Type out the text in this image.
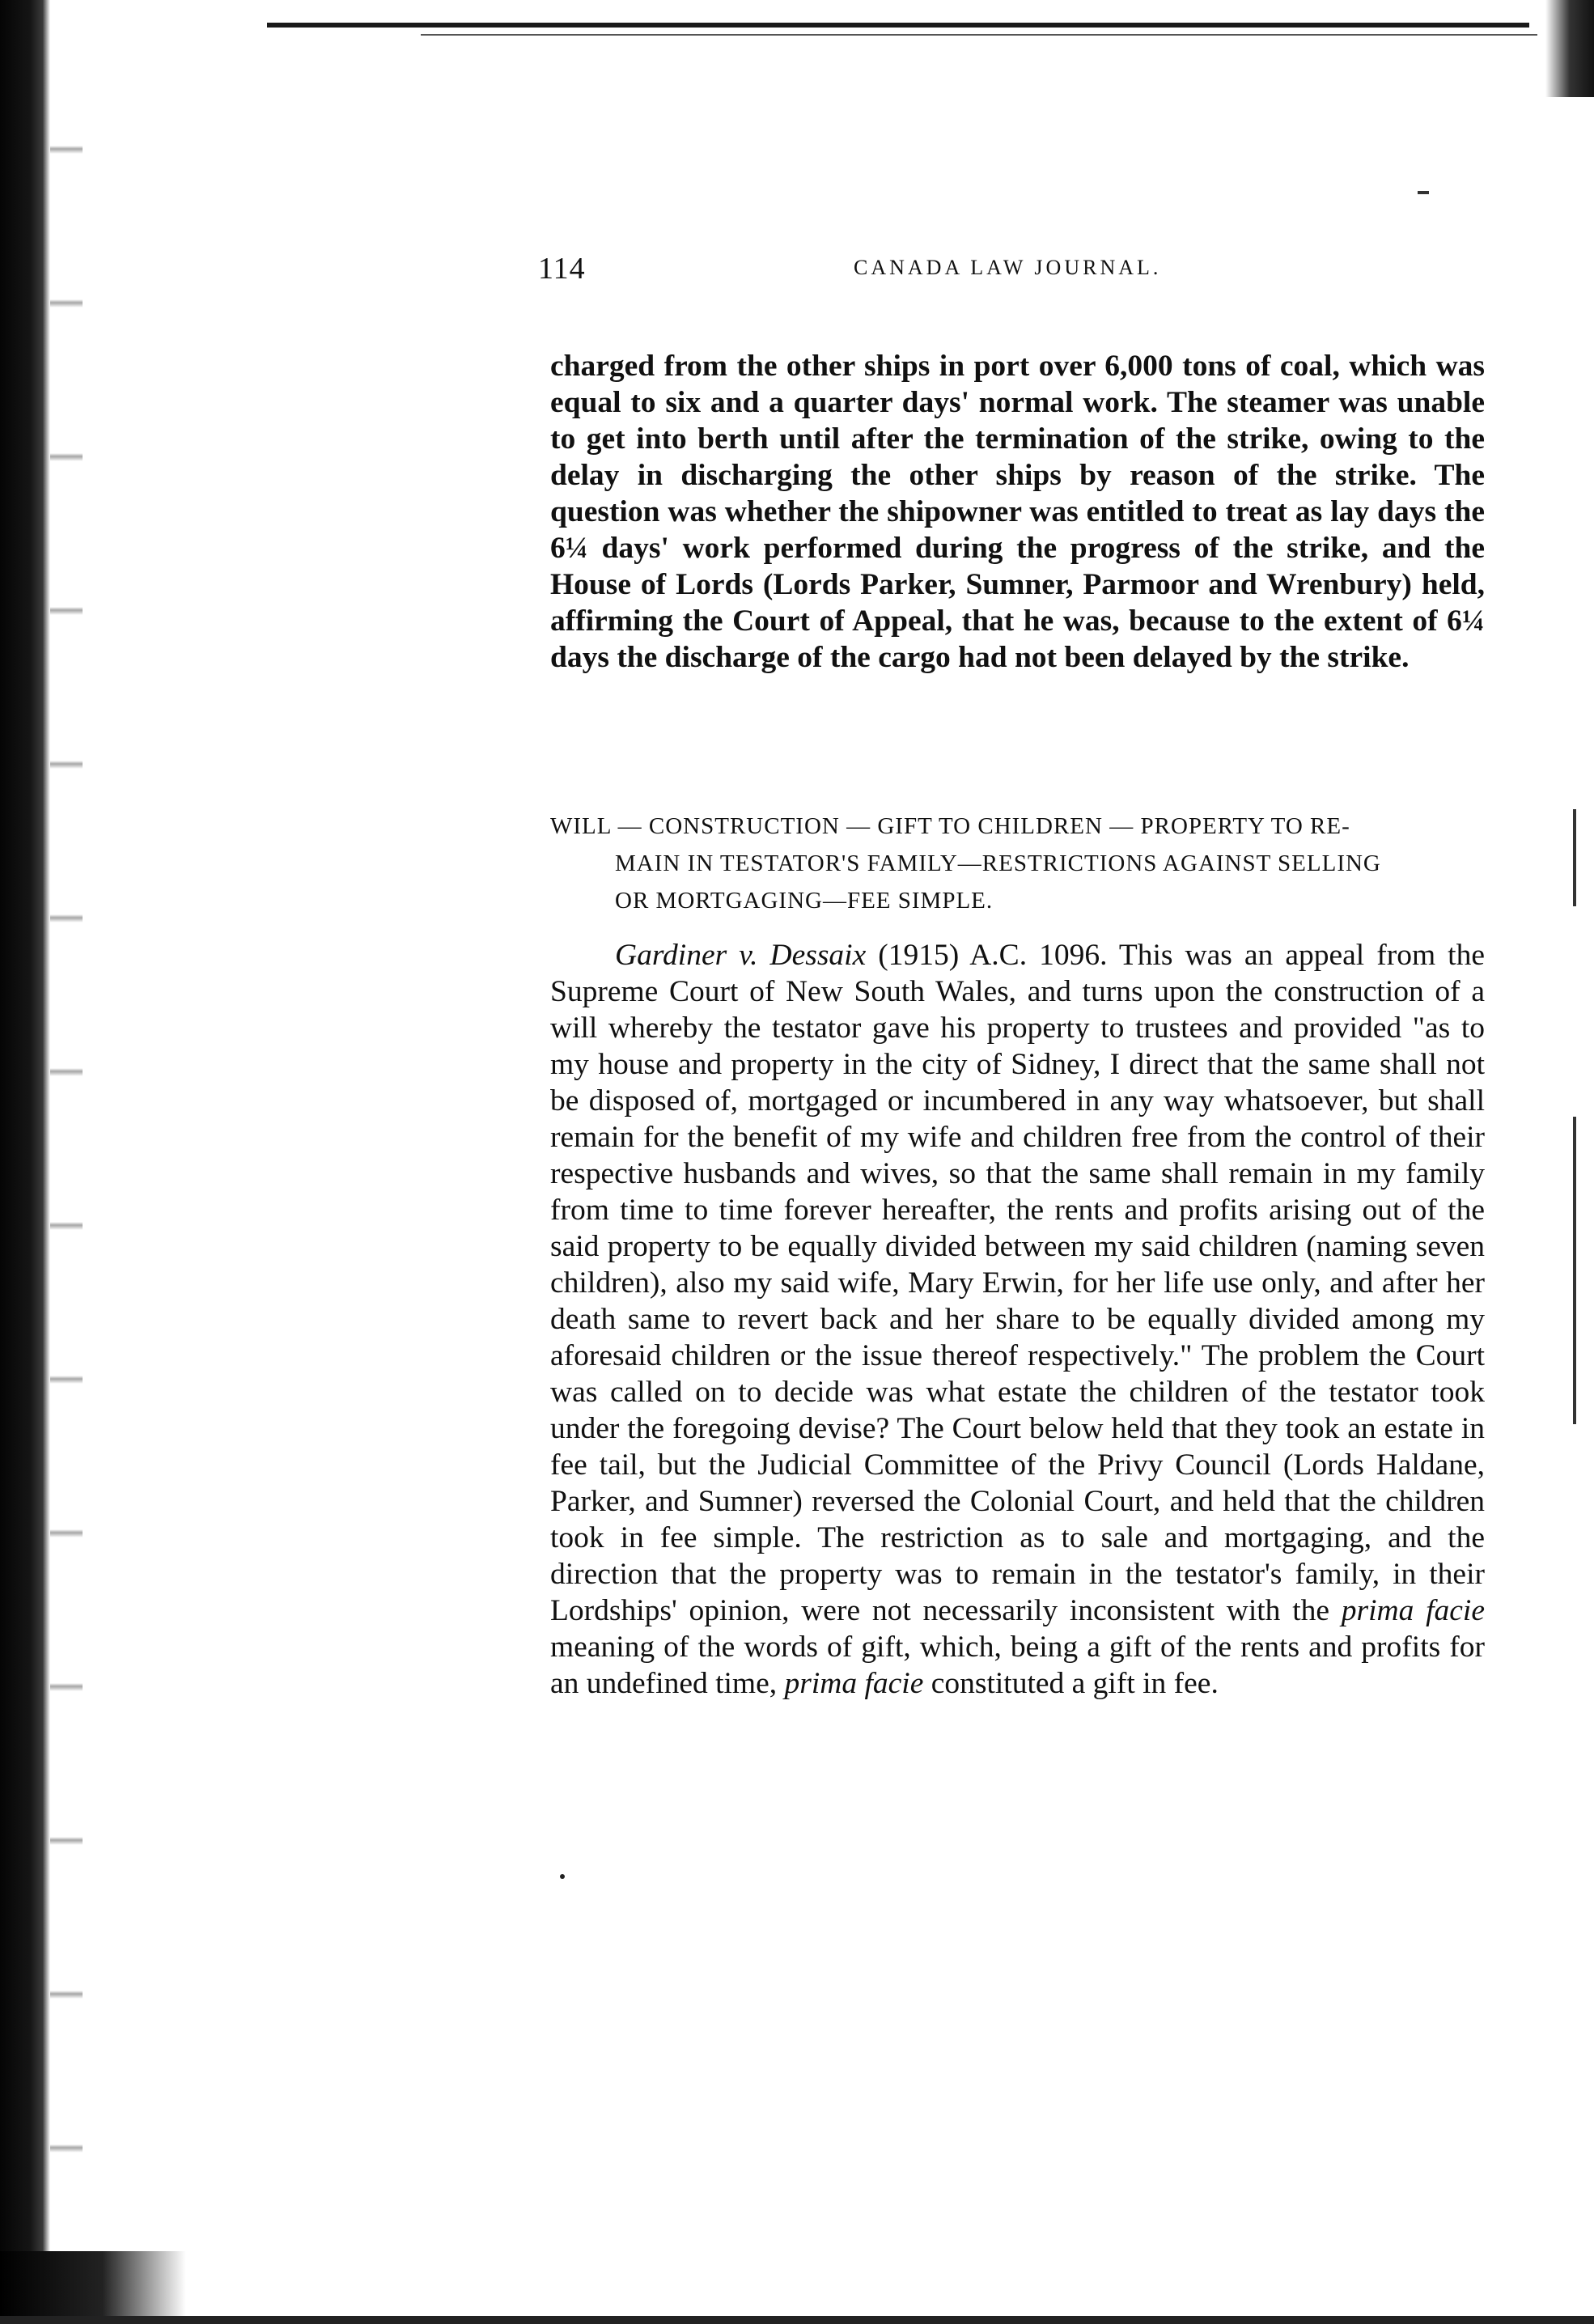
114	CANADA LAW JOURNAL.

charged from the other ships in port over 6,000 tons of coal, which was equal to six and a quarter days' normal work. The steamer was unable to get into berth until after the termination of the strike, owing to the delay in discharging the other ships by reason of the strike. The question was whether the shipowner was entitled to treat as lay days the 6¼ days' work performed during the progress of the strike, and the House of Lords (Lords Parker, Sumner, Parmoor and Wrenbury) held, affirming the Court of Appeal, that he was, because to the extent of 6¼ days the discharge of the cargo had not been delayed by the strike.

WILL — CONSTRUCTION — GIFT TO CHILDREN — PROPERTY TO RE-
MAIN IN TESTATOR'S FAMILY—RESTRICTIONS AGAINST SELLING
OR MORTGAGING—FEE SIMPLE.

Gardiner v. Dessaix (1915) A.C. 1096. This was an appeal from the Supreme Court of New South Wales, and turns upon the construction of a will whereby the testator gave his property to trustees and provided "as to my house and property in the city of Sidney, I direct that the same shall not be disposed of, mortgaged or incumbered in any way whatsoever, but shall remain for the benefit of my wife and children free from the control of their respective husbands and wives, so that the same shall remain in my family from time to time forever hereafter, the rents and profits arising out of the said property to be equally divided between my said children (naming seven children), also my said wife, Mary Erwin, for her life use only, and after her death same to revert back and her share to be equally divided among my aforesaid children or the issue thereof respectively." The problem the Court was called on to decide was what estate the children of the testator took under the foregoing devise? The Court below held that they took an estate in fee tail, but the Judicial Committee of the Privy Council (Lords Haldane, Parker, and Sumner) reversed the Colonial Court, and held that the children took in fee simple. The restriction as to sale and mortgaging, and the direction that the property was to remain in the testator's family, in their Lordships' opinion, were not necessarily inconsistent with the prima facie meaning of the words of gift, which, being a gift of the rents and profits for an undefined time, prima facie constituted a gift in fee.
